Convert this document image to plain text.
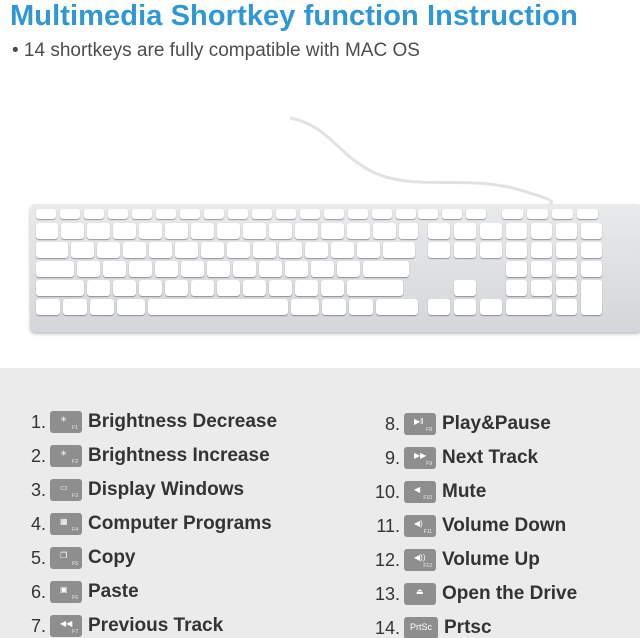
Multimedia Shortkey function Instruction
• 14 shortkeys are fully compatible with MAC OS
1. ☀
F1 Brightness Decrease
2. ☀
F2 Brightness Increase
3. ▭
F3 Display Windows
4. ▦
F4 Computer Programs
5. ❐
F5 Copy
6. ▣
F6 Paste
7. ◀◀
F7 Previous Track
8. ▶‖
F8 Play&Pause
9. ▶▶
F9 Next Track
10. ◀
F10 Mute
11. ◀)
F11 Volume Down
12. ◀))
F12 Volume Up
13. ⏏ Open the Drive
14.	PrtSc Prtsc
